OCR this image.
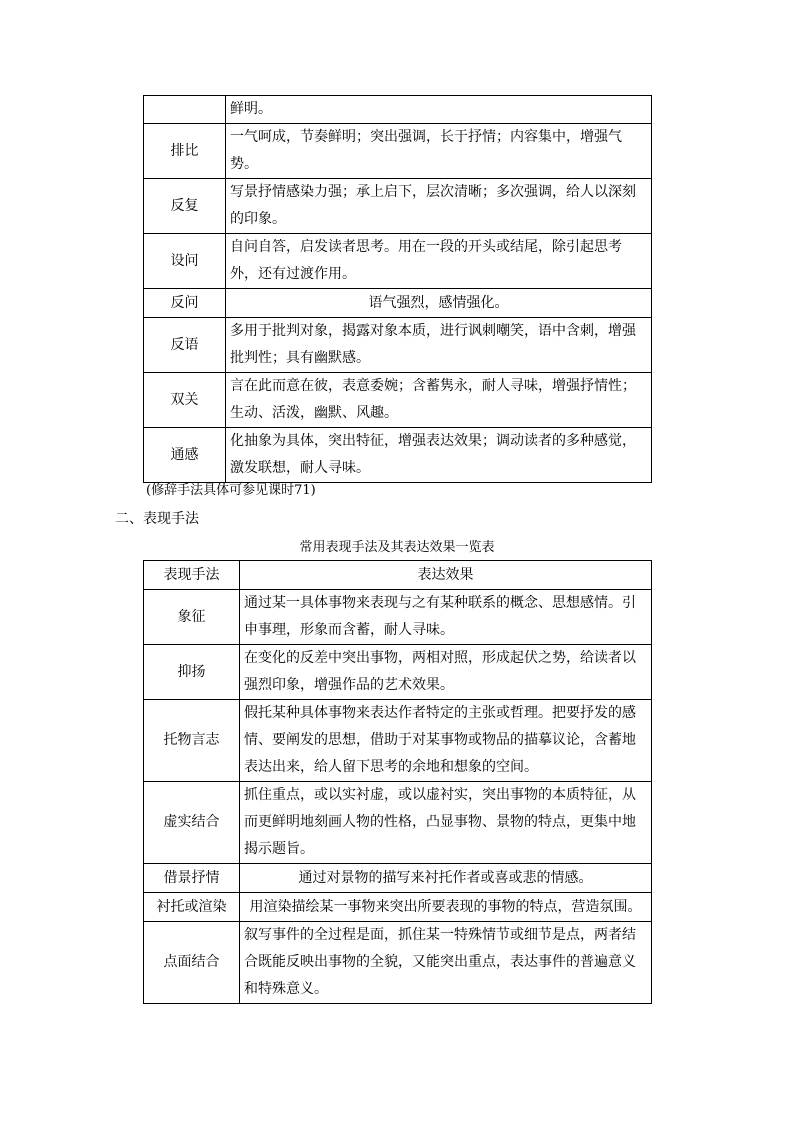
	鲜明。
排比	一气呵成，节奏鲜明；突出强调，长于抒情；内容集中，增强气势。
反复	写景抒情感染力强；承上启下，层次清晰；多次强调，给人以深刻的印象。
设问	自问自答，启发读者思考。用在一段的开头或结尾，除引起思考外，还有过渡作用。
反问	语气强烈，感情强化。
反语	多用于批判对象，揭露对象本质，进行讽刺嘲笑，语中含刺，增强批判性；具有幽默感。
双关	言在此而意在彼，表意委婉；含蓄隽永，耐人寻味，增强抒情性；生动、活泼，幽默、风趣。
通感	化抽象为具体，突出特征，增强表达效果；调动读者的多种感觉，激发联想，耐人寻味。
(修辞手法具体可参见课时71)
二、表现手法
常用表现手法及其表达效果一览表
表现手法	表达效果
象征	通过某一具体事物来表现与之有某种联系的概念、思想感情。引申事理，形象而含蓄，耐人寻味。
抑扬	在变化的反差中突出事物，两相对照，形成起伏之势，给读者以强烈印象，增强作品的艺术效果。
托物言志	假托某种具体事物来表达作者特定的主张或哲理。把要抒发的感情、要阐发的思想，借助于对某事物或物品的描摹议论，含蓄地表达出来，给人留下思考的余地和想象的空间。
虚实结合	抓住重点，或以实衬虚，或以虚衬实，突出事物的本质特征，从而更鲜明地刻画人物的性格，凸显事物、景物的特点，更集中地揭示题旨。
借景抒情	通过对景物的描写来衬托作者或喜或悲的情感。
衬托或渲染	用渲染描绘某一事物来突出所要表现的事物的特点，营造氛围。
点面结合	叙写事件的全过程是面，抓住某一特殊情节或细节是点，两者结合既能反映出事物的全貌，又能突出重点，表达事件的普遍意义和特殊意义。
